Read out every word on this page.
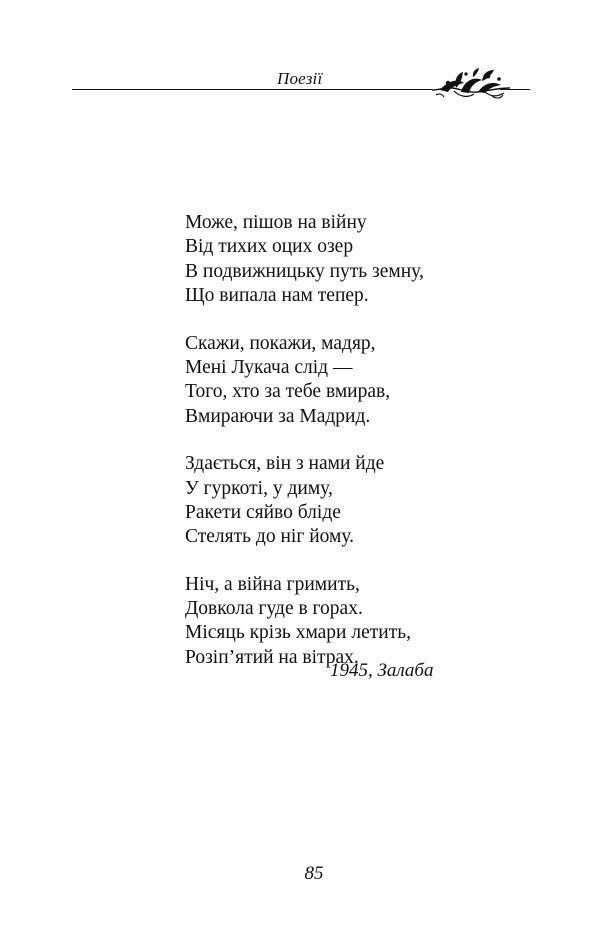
Поезії
Може, пішов на війну
Від тихих оцих озер
В подвижницьку путь земну,
Що випала нам тепер.
Скажи, покажи, мадяр,
Мені Лукача слід —
Того, хто за тебе вмирав,
Вмираючи за Мадрид.
Здається, він з нами йде
У гуркоті, у диму,
Ракети сяйво бліде
Стелять до ніг йому.
Ніч, а війна гримить,
Довкола гуде в горах.
Місяць крізь хмари летить,
Розіп’ятий на вітрах.
1945, Залаба
85
